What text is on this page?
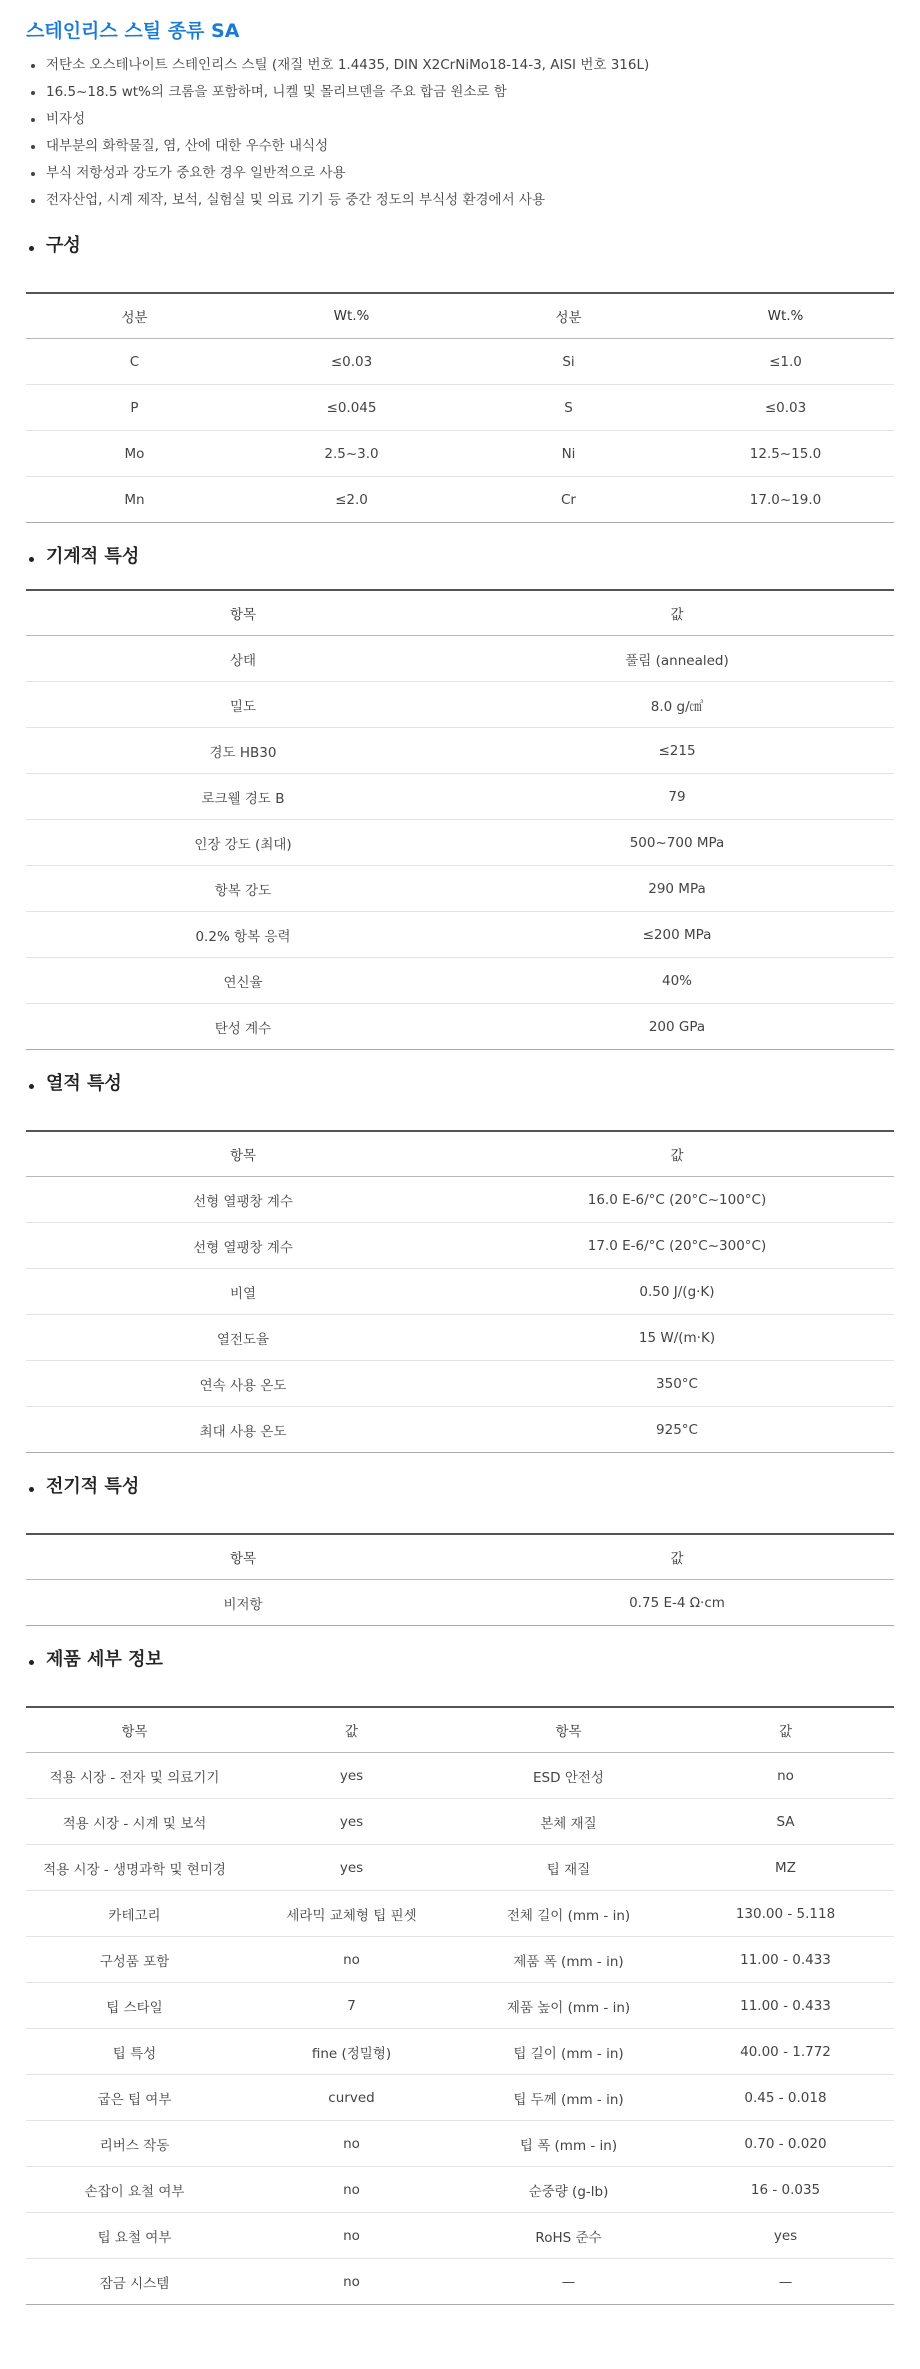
스테인리스 스틸 종류 SA
저탄소 오스테나이트 스테인리스 스틸 (재질 번호 1.4435, DIN X2CrNiMo18-14-3, AISI 번호 316L)
16.5~18.5 wt%의 크롬을 포함하며, 니켈 및 몰리브덴을 주요 합금 원소로 함
비자성
대부분의 화학물질, 염, 산에 대한 우수한 내식성
부식 저항성과 강도가 중요한 경우 일반적으로 사용
전자산업, 시계 제작, 보석, 실험실 및 의료 기기 등 중간 정도의 부식성 환경에서 사용
구성
성분	Wt.%	성분	Wt.%
C	≤0.03	Si	≤1.0
P	≤0.045	S	≤0.03
Mo	2.5~3.0	Ni	12.5~15.0
Mn	≤2.0	Cr	17.0~19.0
기계적 특성
항목	값
상태	풀림 (annealed)
밀도	8.0 g/㎤
경도 HB30	≤215
로크웰 경도 B	79
인장 강도 (최대)	500~700 MPa
항복 강도	290 MPa
0.2% 항복 응력	≤200 MPa
연신율	40%
탄성 계수	200 GPa
열적 특성
항목	값
선형 열팽창 계수	16.0 E-6/°C (20°C~100°C)
선형 열팽창 계수	17.0 E-6/°C (20°C~300°C)
비열	0.50 J/(g·K)
열전도율	15 W/(m·K)
연속 사용 온도	350°C
최대 사용 온도	925°C
전기적 특성
항목	값
비저항	0.75 E-4 Ω·cm
제품 세부 정보
항목	값	항목	값
적용 시장 - 전자 및 의료기기	yes	ESD 안전성	no
적용 시장 - 시계 및 보석	yes	본체 재질	SA
적용 시장 - 생명과학 및 현미경	yes	팁 재질	MZ
카테고리	세라믹 교체형 팁 핀셋	전체 길이 (mm - in)	130.00 - 5.118
구성품 포함	no	제품 폭 (mm - in)	11.00 - 0.433
팁 스타일	7	제품 높이 (mm - in)	11.00 - 0.433
팁 특성	fine (정밀형)	팁 길이 (mm - in)	40.00 - 1.772
굽은 팁 여부	curved	팁 두께 (mm - in)	0.45 - 0.018
리버스 작동	no	팁 폭 (mm - in)	0.70 - 0.020
손잡이 요철 여부	no	순중량 (g-lb)	16 - 0.035
팁 요철 여부	no	RoHS 준수	yes
잠금 시스템	no	—	—
